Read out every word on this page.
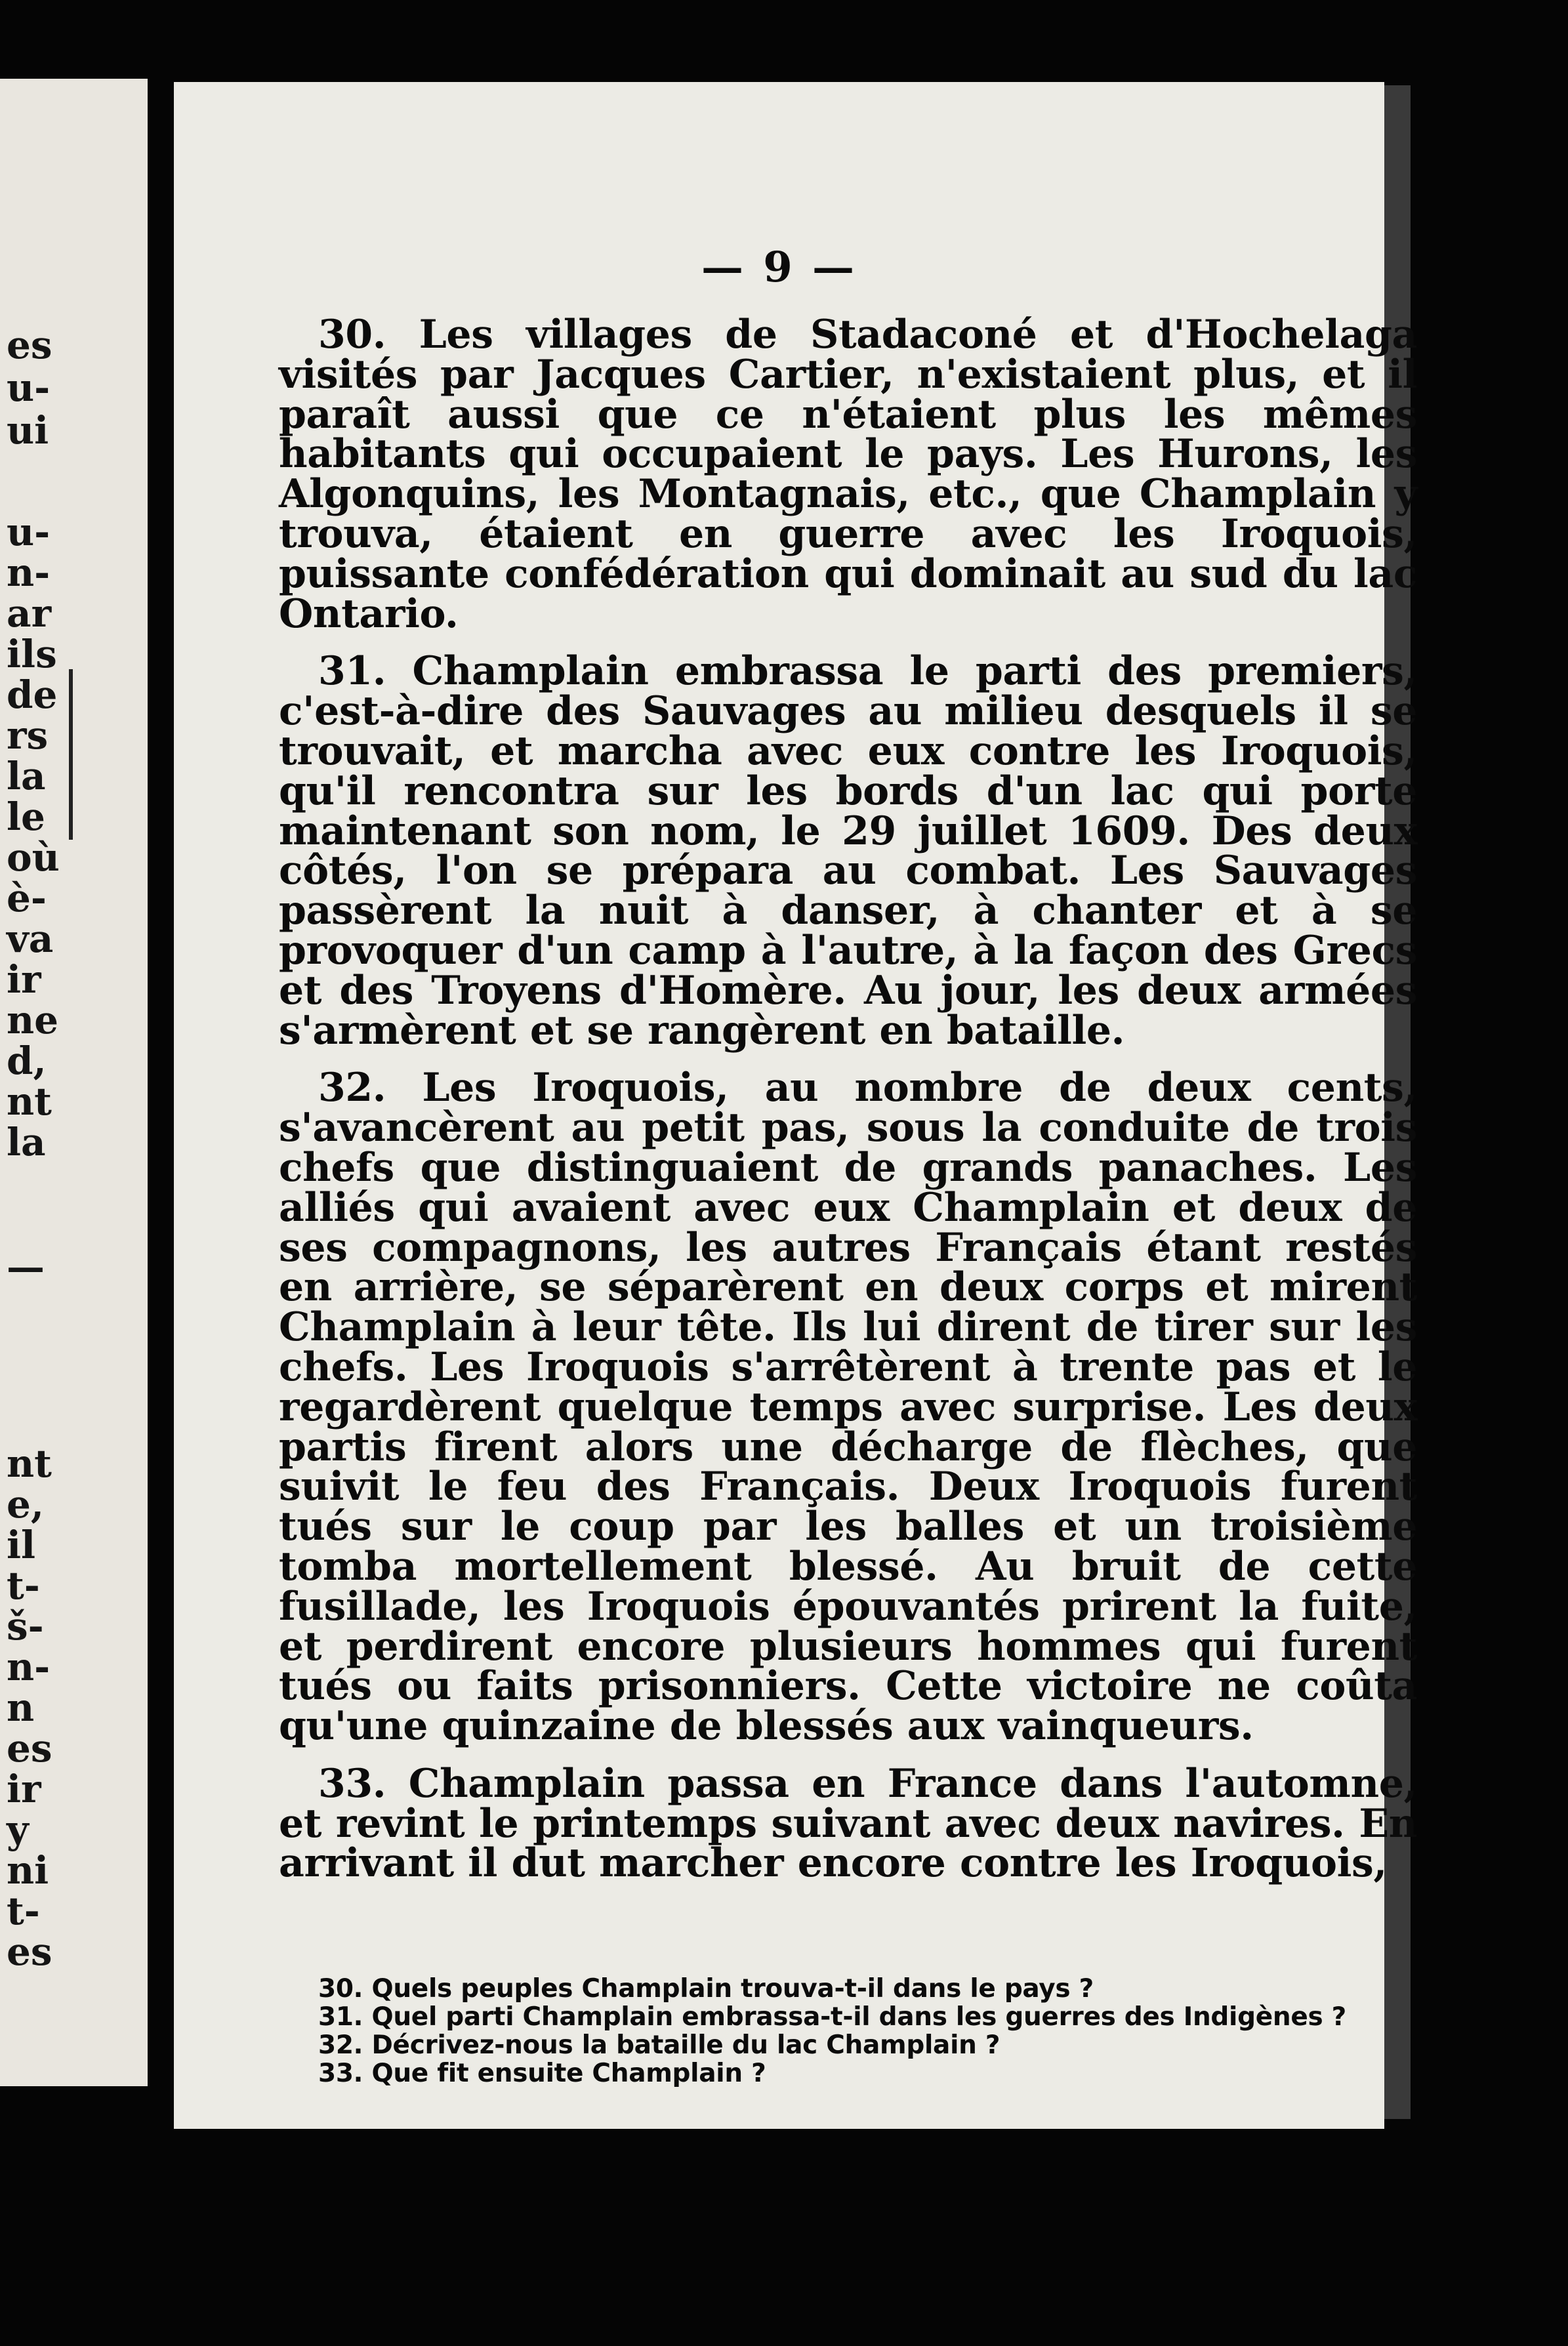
es
u-
ui
u-
n-
ar
ils
de
rs
la
le
où
è-
va
ir
ne
d,
nt
la
—
nt
e,
il
t-
š-
n-
n
es
ir
y
ni
t-
es
— 9 —

30. Les villages de Stadaconé et d'Hochelaga visités par Jacques Cartier, n'existaient plus, et il paraît aussi que ce n'étaient plus les mêmes habitants qui occupaient le pays. Les Hurons, les Algonquins, les Montagnais, etc., que Champlain y trouva, étaient en guerre avec les Iroquois, puissante confédération qui dominait au sud du lac Ontario.

31. Champlain embrassa le parti des premiers, c'est-à-dire des Sauvages au milieu desquels il se trouvait, et marcha avec eux contre les Iroquois, qu'il rencontra sur les bords d'un lac qui porte maintenant son nom, le 29 juillet 1609. Des deux côtés, l'on se prépara au combat. Les Sauvages passèrent la nuit à danser, à chanter et à se provoquer d'un camp à l'autre, à la façon des Grecs et des Troyens d'Homère. Au jour, les deux armées s'armèrent et se rangèrent en bataille.

32. Les Iroquois, au nombre de deux cents, s'avancèrent au petit pas, sous la conduite de trois chefs que distinguaient de grands panaches. Les alliés qui avaient avec eux Champlain et deux de ses compagnons, les autres Français étant restés en arrière, se séparèrent en deux corps et mirent Champlain à leur tête. Ils lui dirent de tirer sur les chefs. Les Iroquois s'arrêtèrent à trente pas et le regardèrent quelque temps avec surprise. Les deux partis firent alors une décharge de flèches, que suivit le feu des Français. Deux Iroquois furent tués sur le coup par les balles et un troisième tomba mortellement blessé. Au bruit de cette fusillade, les Iroquois épouvantés prirent la fuite, et perdirent encore plusieurs hommes qui furent tués ou faits prisonniers. Cette victoire ne coûta qu'une quinzaine de blessés aux vainqueurs.

33. Champlain passa en France dans l'automne, et revint le printemps suivant avec deux navires. En arrivant il dut marcher encore contre les Iroquois,

30. Quels peuples Champlain trouva-t-il dans le pays ?

31. Quel parti Champlain embrassa-t-il dans les guerres des Indigènes ?

32. Décrivez-nous la bataille du lac Champlain ?

33. Que fit ensuite Champlain ?
